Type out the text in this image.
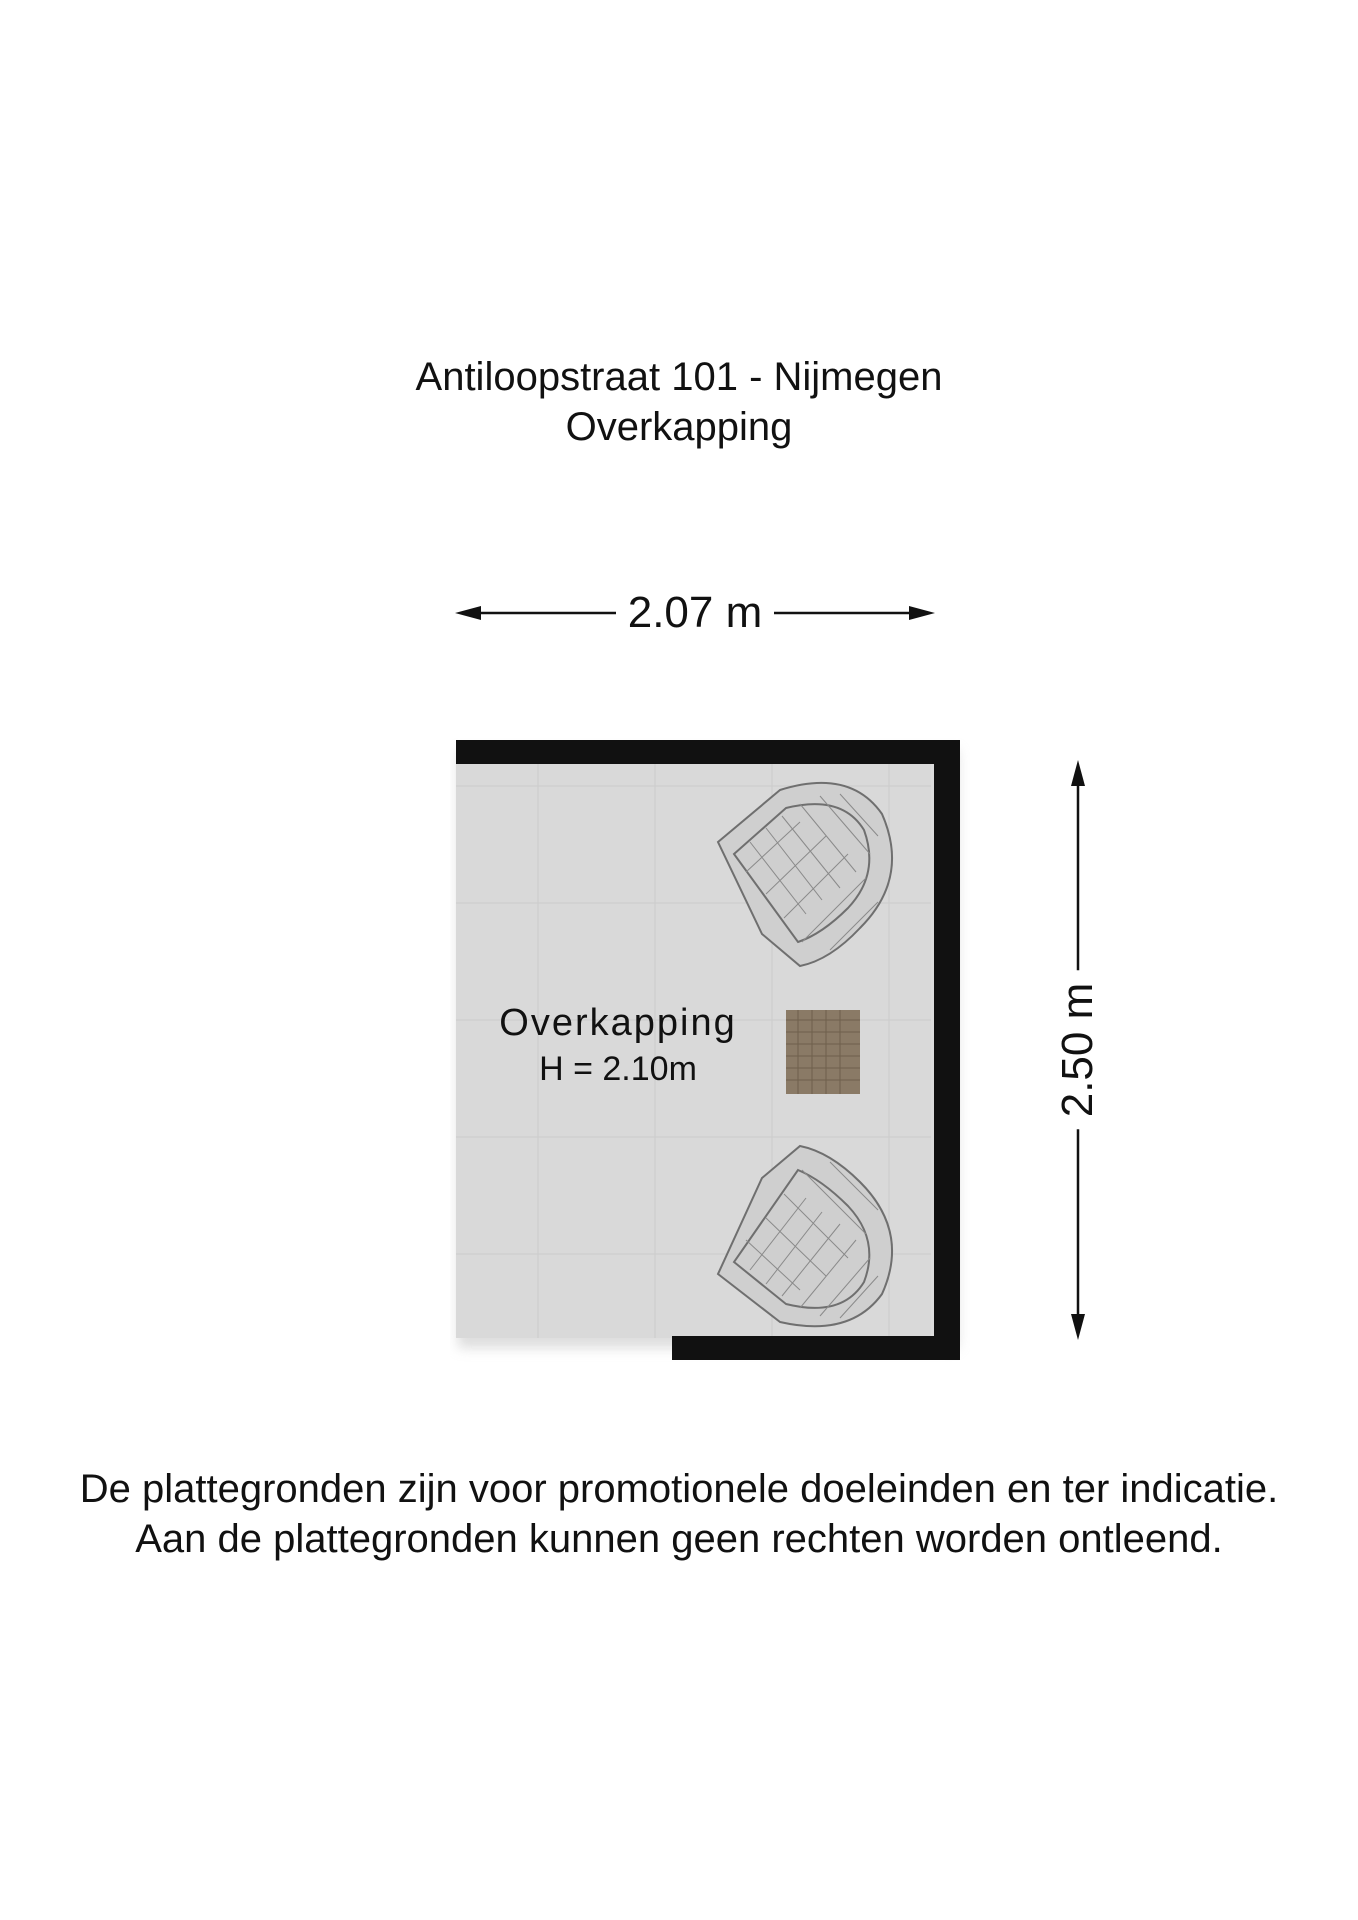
Antiloopstraat 101 - Nijmegen

Overkapping

2.07 m
2.50 m
Overkapping
H = 2.10m

De plattegronden zijn voor promotionele doeleinden en ter indicatie.

Aan de plattegronden kunnen geen rechten worden ontleend.
